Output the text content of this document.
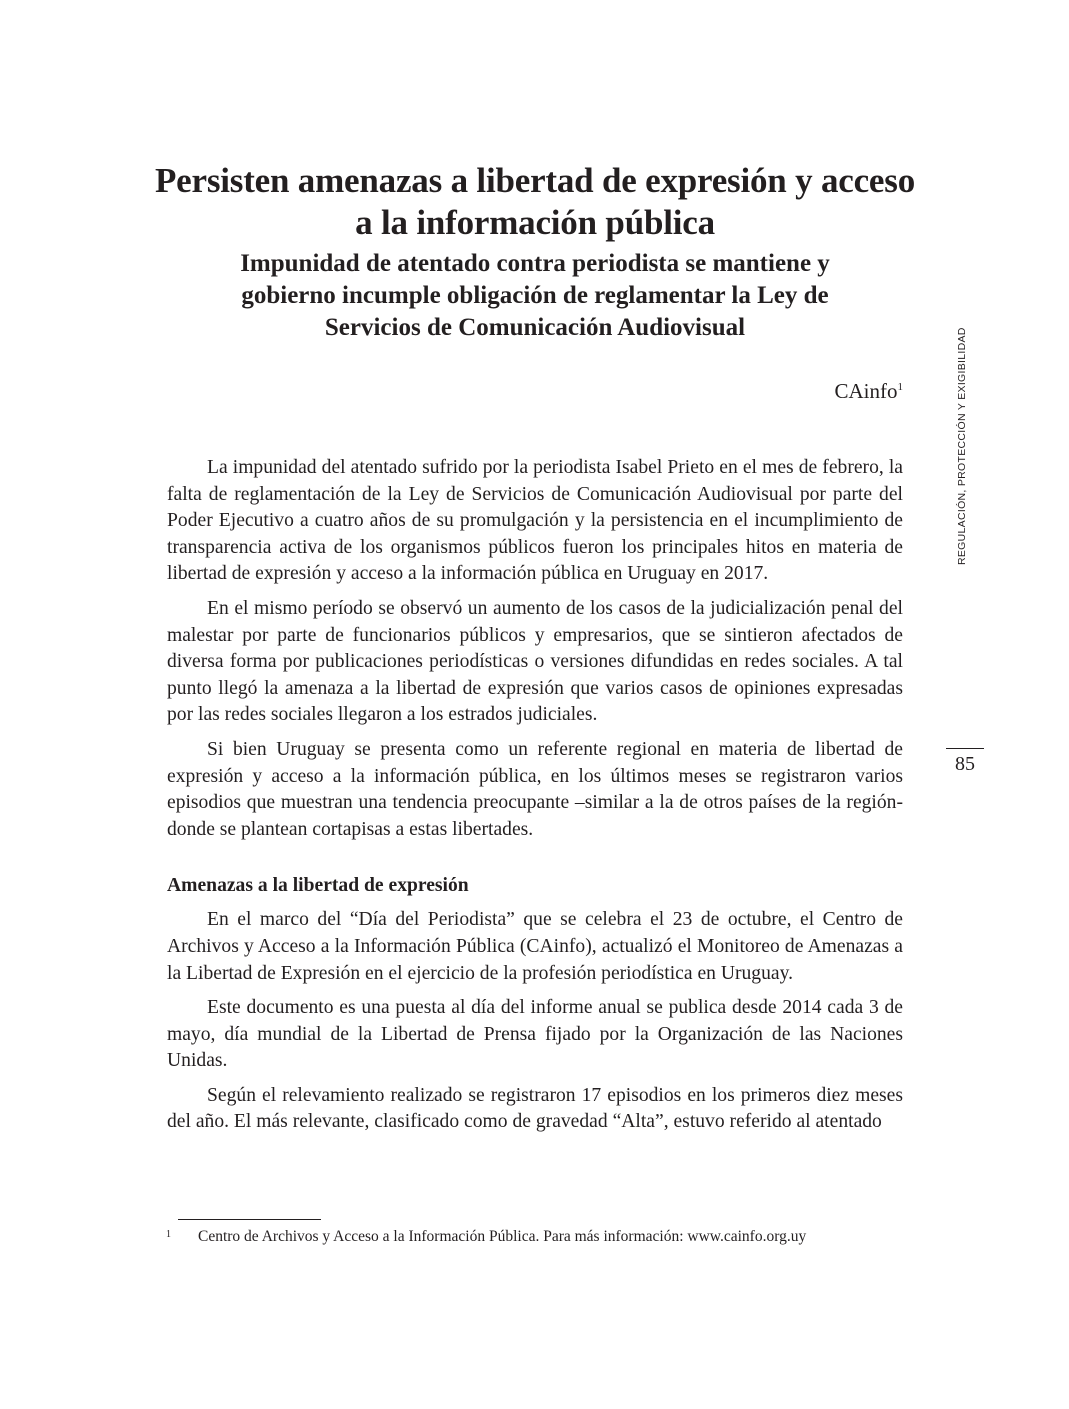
Persisten amenazas a libertad de expresión y acceso a la información pública
Impunidad de atentado contra periodista se mantiene y gobierno incumple obligación de reglamentar la Ley de Servicios de Comunicación Audiovisual
CAinfo$^1$

La impunidad del atentado sufrido por la periodista Isabel Prieto en el mes de febrero, la falta de reglamentación de la Ley de Servicios de Comunicación Audiovisual por parte del Poder Ejecutivo a cuatro años de su promulgación y la persistencia en el incumplimiento de transparencia activa de los organismos públicos fueron los principales hitos en materia de libertad de expresión y acceso a la información pública en Uruguay en 2017.

En el mismo período se observó un aumento de los casos de la judicialización penal del malestar por parte de funcionarios públicos y empresarios, que se sintieron afectados de diversa forma por publicaciones periodísticas o versiones difundidas en redes sociales. A tal punto llegó la amenaza a la libertad de expresión que varios casos de opiniones expresadas por las redes sociales llegaron a los estrados judiciales.

Si bien Uruguay se presenta como un referente regional en materia de libertad de expresión y acceso a la información pública, en los últimos meses se registraron varios episodios que muestran una tendencia preocupante –similar a la de otros países de la región- donde se plantean cortapisas a estas libertades.

Amenazas a la libertad de expresión

En el marco del “Día del Periodista” que se celebra el 23 de octubre, el Centro de Archivos y Acceso a la Información Pública (CAinfo), actualizó el Monitoreo de Amenazas a la Libertad de Expresión en el ejercicio de la profesión periodística en Uruguay.

Este documento es una puesta al día del informe anual se publica desde 2014 cada 3 de mayo, día mundial de la Libertad de Prensa fijado por la Organización de las Naciones Unidas.

Según el relevamiento realizado se registraron 17 episodios en los primeros diez meses del año. El más relevante, clasificado como de gravedad “Alta”, estuvo referido al atentado

1 Centro de Archivos y Acceso a la Información Pública. Para más información: www.cainfo.org.uy
REGULACIÓN, PROTECCIÓN Y EXIGIBILIDAD
85
